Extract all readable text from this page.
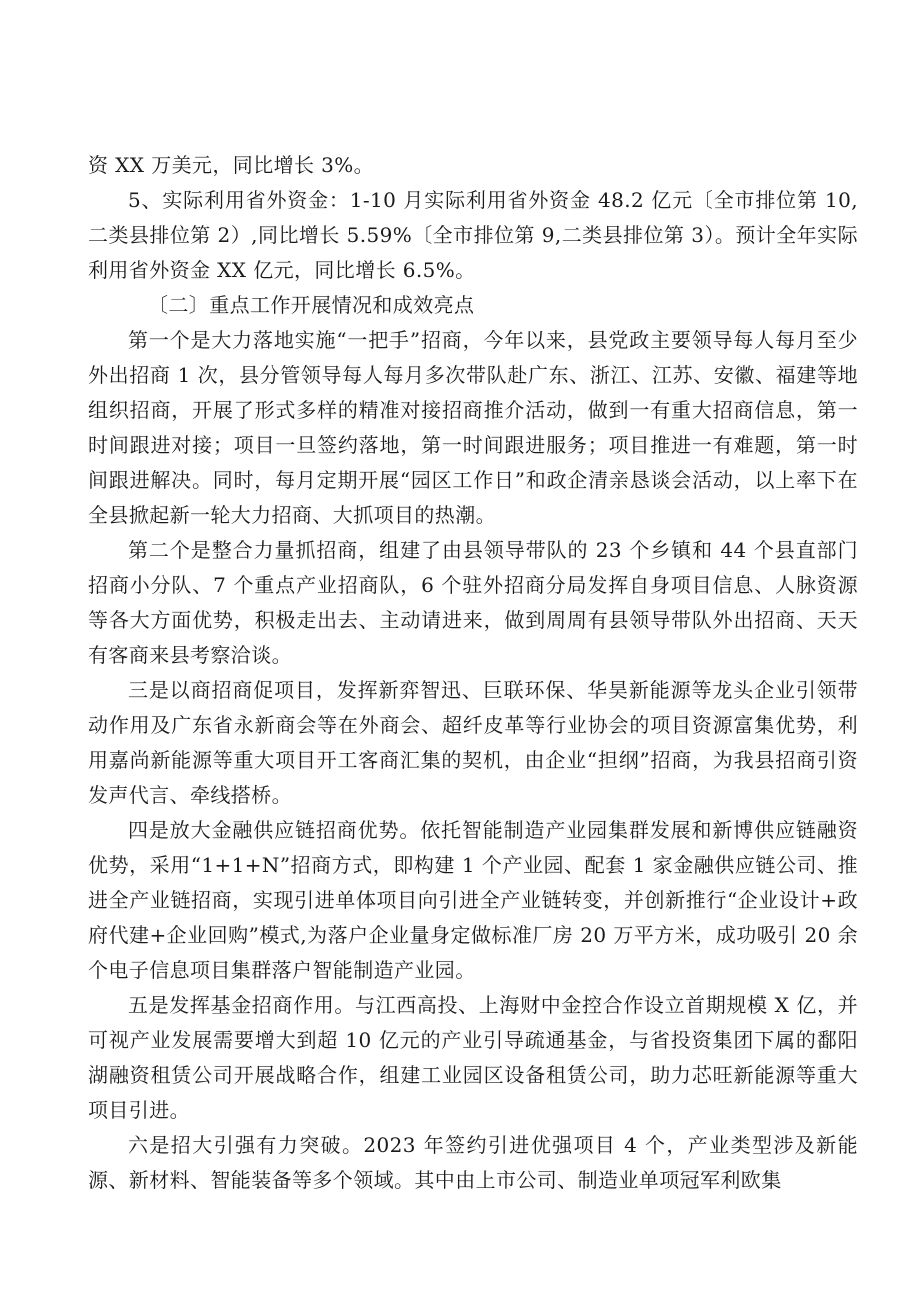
资 XX 万美元，同比增长 3%。

5、实际利用省外资金：1-10 月实际利用省外资金 48.2 亿元〔全市排位第 10,二类县排位第 2）,同比增长 5.59%〔全市排位第 9,二类县排位第 3）。预计全年实际利用省外资金 XX 亿元，同比增长 6.5%。

〔二〕重点工作开展情况和成效亮点

第一个是大力落地实施“一把手”招商，今年以来，县党政主要领导每人每月至少外出招商 1 次，县分管领导每人每月多次带队赴广东、浙江、江苏、安徽、福建等地组织招商，开展了形式多样的精准对接招商推介活动，做到一有重大招商信息，第一时间跟进对接；项目一旦签约落地，第一时间跟进服务；项目推进一有难题，第一时间跟进解决。同时，每月定期开展“园区工作日”和政企清亲恳谈会活动，以上率下在全县掀起新一轮大力招商、大抓项目的热潮。

第二个是整合力量抓招商，组建了由县领导带队的 23 个乡镇和 44 个县直部门招商小分队、7 个重点产业招商队，6 个驻外招商分局发挥自身项目信息、人脉资源等各大方面优势，积极走出去、主动请进来，做到周周有县领导带队外出招商、天天有客商来县考察洽谈。

三是以商招商促项目，发挥新弈智迅、巨联环保、华昊新能源等龙头企业引领带动作用及广东省永新商会等在外商会、超纤皮革等行业协会的项目资源富集优势，利用嘉尚新能源等重大项目开工客商汇集的契机，由企业“担纲”招商，为我县招商引资发声代言、牵线搭桥。

四是放大金融供应链招商优势。依托智能制造产业园集群发展和新博供应链融资优势，采用“1+1+N”招商方式，即构建 1 个产业园、配套 1 家金融供应链公司、推进全产业链招商，实现引进单体项目向引进全产业链转变，并创新推行“企业设计+政府代建+企业回购”模式,为落户企业量身定做标准厂房 20 万平方米，成功吸引 20 余个电子信息项目集群落户智能制造产业园。

五是发挥基金招商作用。与江西高投、上海财中金控合作设立首期规模 X 亿，并可视产业发展需要增大到超 10 亿元的产业引导疏通基金，与省投资集团下属的鄱阳湖融资租赁公司开展战略合作，组建工业园区设备租赁公司，助力芯旺新能源等重大项目引进。

六是招大引强有力突破。2023 年签约引进优强项目 4 个，产业类型涉及新能源、新材料、智能装备等多个领域。其中由上市公司、制造业单项冠军利欧集
